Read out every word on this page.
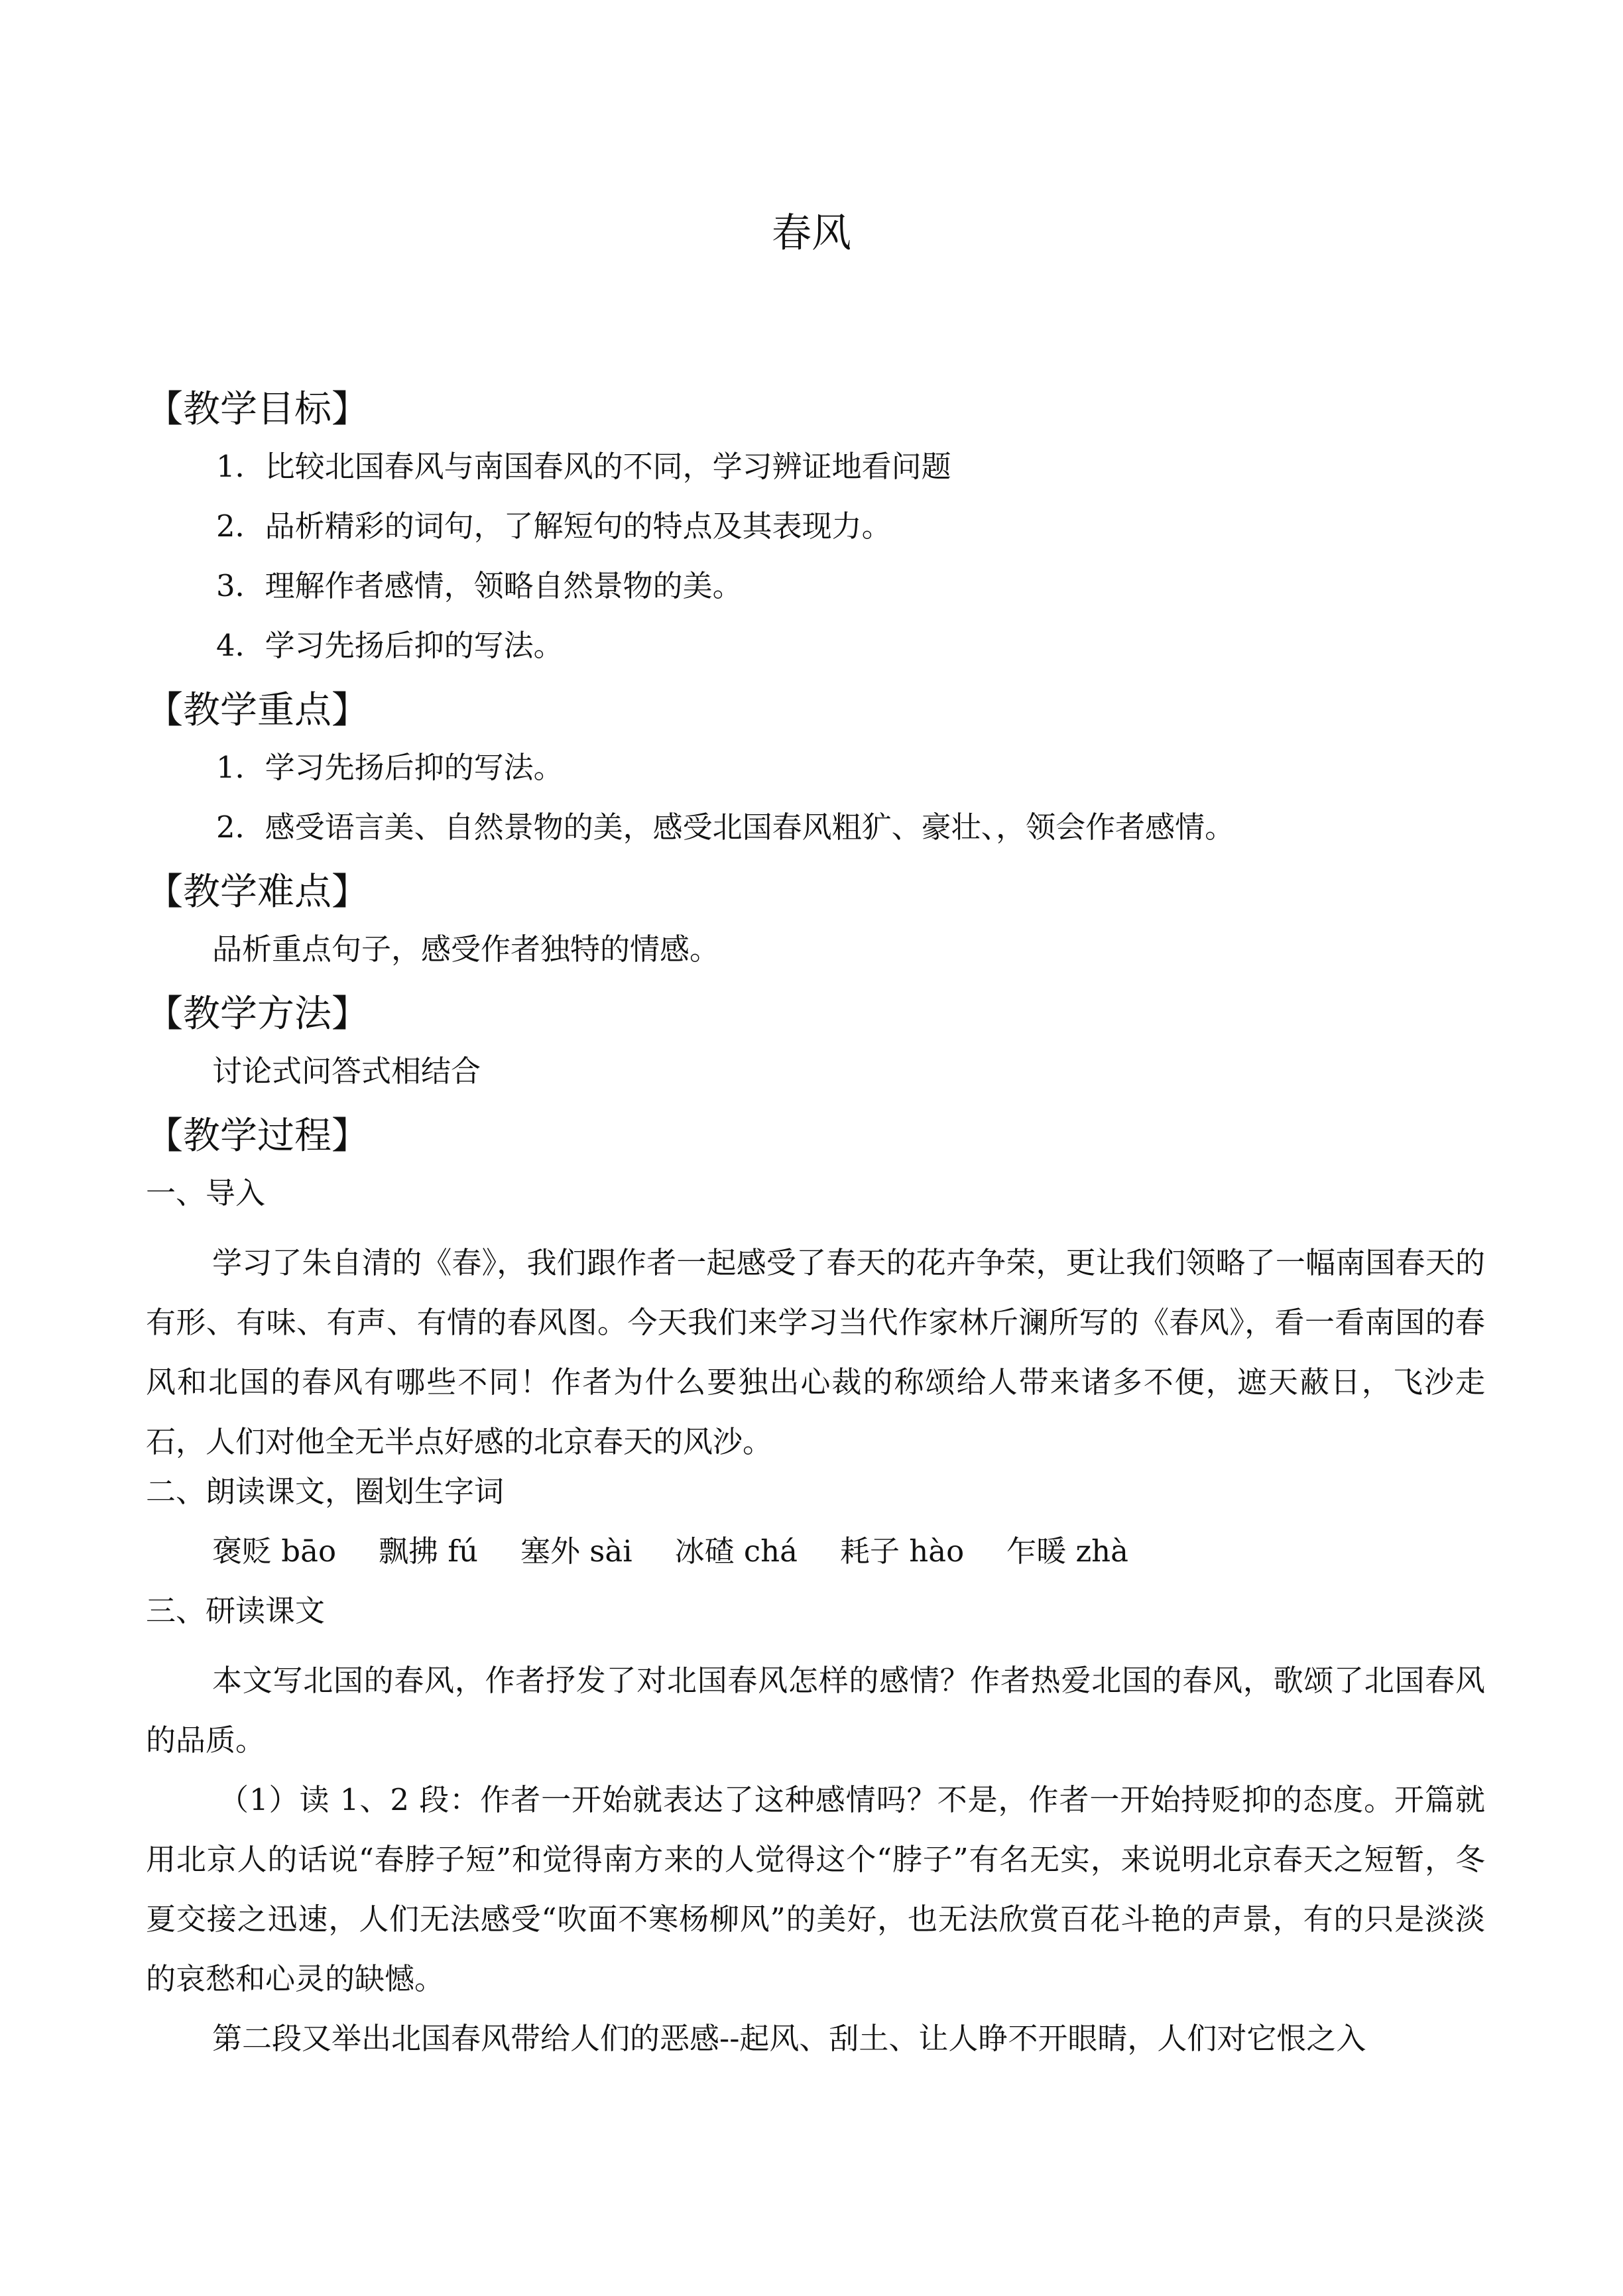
春风
【教学目标】
1．比较北国春风与南国春风的不同，学习辨证地看问题
2．品析精彩的词句，了解短句的特点及其表现力。
3．理解作者感情，领略自然景物的美。
4．学习先扬后抑的写法。
【教学重点】
1．学习先扬后抑的写法。
2．感受语言美、自然景物的美，感受北国春风粗犷、豪壮、，领会作者感情。
【教学难点】
品析重点句子，感受作者独特的情感。
【教学方法】
讨论式问答式相结合
【教学过程】
一、导入

学习了朱自清的《春》，我们跟作者一起感受了春天的花卉争荣，更让我们领略了一幅南国春天的有形、有味、有声、有情的春风图。今天我们来学习当代作家林斤澜所写的《春风》，看一看南国的春风和北国的春风有哪些不同！作者为什么要独出心裁的称颂给人带来诸多不便，遮天蔽日，飞沙走石，人们对他全无半点好感的北京春天的风沙。

二、朗读课文，圈划生字词
褒贬 bāo 飘拂 fú 塞外 sài 冰碴 chá 耗子 hào 乍暖 zhà
三、研读课文

本文写北国的春风，作者抒发了对北国春风怎样的感情？作者热爱北国的春风，歌颂了北国春风的品质。

（1）读 1、2 段：作者一开始就表达了这种感情吗？不是，作者一开始持贬抑的态度。开篇就用北京人的话说“春脖子短”和觉得南方来的人觉得这个“脖子”有名无实，来说明北京春天之短暂，冬夏交接之迅速，人们无法感受“吹面不寒杨柳风”的美好，也无法欣赏百花斗艳的声景，有的只是淡淡的哀愁和心灵的缺憾。

第二段又举出北国春风带给人们的恶感--起风、刮土、让人睁不开眼睛，人们对它恨之入
